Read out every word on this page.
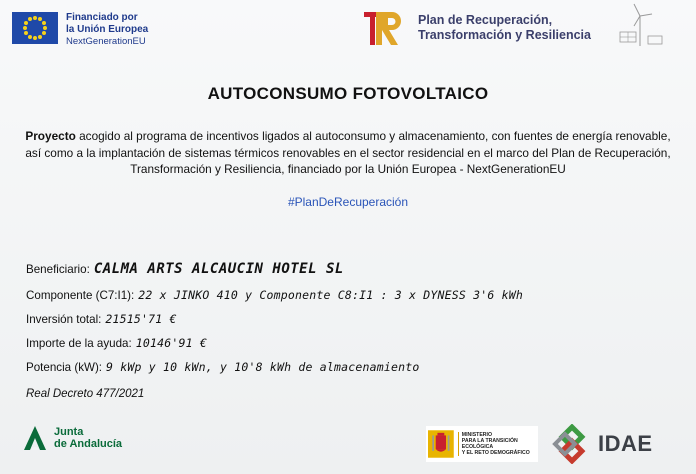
Financiado por
la Unión Europea
NextGenerationEU
Plan de Recuperación,
Transformación y Resiliencia
AUTOCONSUMO FOTOVOLTAICO
Proyecto acogido al programa de incentivos ligados al autoconsumo y almacenamiento, con fuentes de energía renovable, así como a la implantación de sistemas térmicos renovables en el sector residencial en el marco del Plan de Recuperación, Transformación y Resiliencia, financiado por la Unión Europea - NextGenerationEU
#PlanDeRecuperación
Beneficiario: CALMA ARTS ALCAUCIN HOTEL SL
Componente (C7:I1): 22 x JINKO 410 y Componente C8:I1 : 3 x DYNESS 3'6 kWh
Inversión total: 21515'71 €
Importe de la ayuda: 10146'91 €
Potencia (kW): 9 kWp y 10 kWn, y 10'8 kWh de almacenamiento
Real Decreto 477/2021
Junta
de Andalucía
MINISTERIO
PARA LA TRANSICIÓN ECOLÓGICA
Y EL RETO DEMOGRÁFICO	IDAE
